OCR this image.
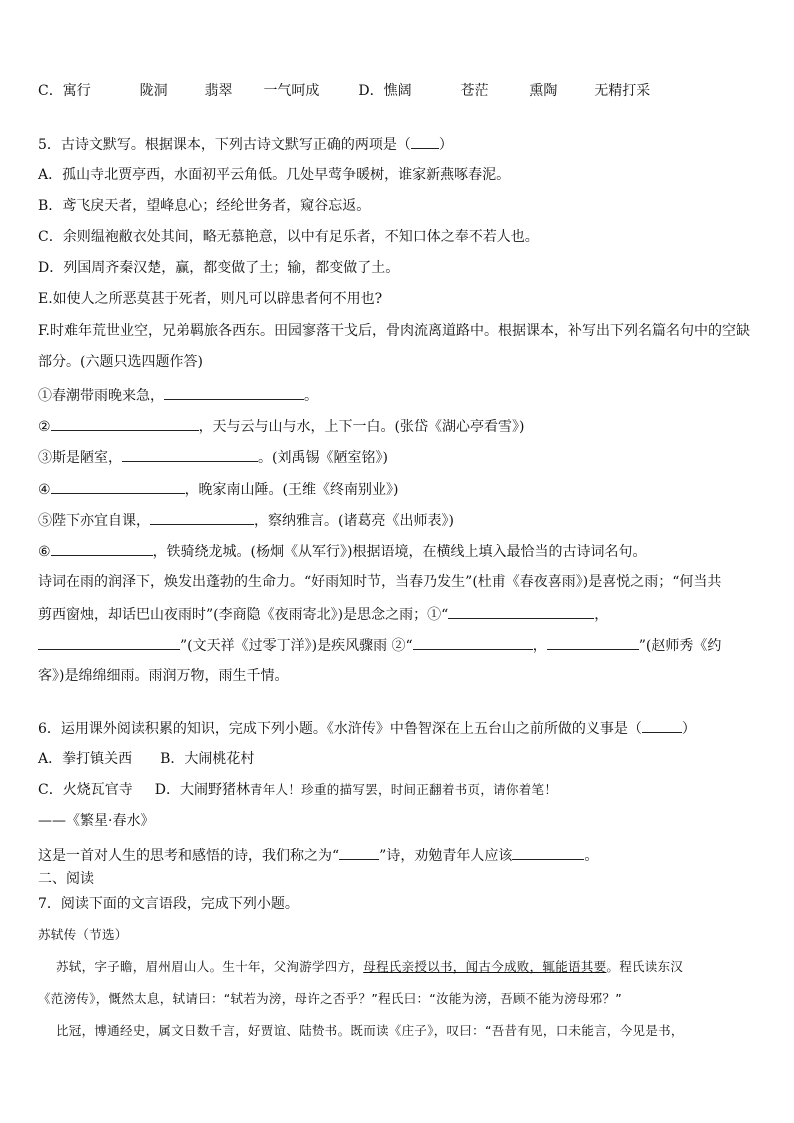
C．寓行	陇洞	翡翠 一气呵成	D．憔阔	苍茫	熏陶	无精打采
5．古诗文默写。根据课本，下列古诗文默写正确的两项是（ ）
A．孤山寺北贾亭西，水面初平云角低。几处早莺争暖树，谁家新燕啄春泥。
B．鸢飞戾天者，望峰息心；经纶世务者，窥谷忘返。
C．余则缊袍敝衣处其间，略无慕艳意，以中有足乐者，不知口体之奉不若人也。
D．列国周齐秦汉楚，赢，都变做了土；输，都变做了土。
E.如使人之所恶莫甚于死者，则凡可以辟患者何不用也?
F.时难年荒世业空，兄弟羁旅各西东。田园寥落干戈后，骨肉流离道路中。根据课本，补写出下列名篇名句中的空缺
部分。(六题只选四题作答)
①春潮带雨晚来急，	。
②	，天与云与山与水，上下一白。(张岱《湖心亭看雪》)
③斯是陋室，	。(刘禹锡《陋室铭》)
④	，晚家南山陲。(王维《终南别业》)
⑤陛下亦宜自课，	，察纳雅言。(诸葛亮《出师表》)
⑥	，铁骑绕龙城。(杨炯《从军行》)根据语境，在横线上填入最恰当的古诗词名句。
诗词在雨的润泽下，焕发出蓬勃的生命力。“好雨知时节，当春乃发生”(杜甫《春夜喜雨》)是喜悦之雨；“何当共
剪西窗烛，却话巴山夜雨时”(李商隐《夜雨寄北》)是思念之雨；①“	，
”(文天祥《过零丁洋》)是疾风骤雨 ②“	，	”(赵师秀《约
客》)是绵绵细雨。雨润万物，雨生千情。
6．运用课外阅读积累的知识，完成下列小题。《水浒传》中鲁智深在上五台山之前所做的义事是（	）
A．拳打镇关西 B．大闹桃花村
C．火烧瓦官寺 D．大闹野猪林青年人！珍重的描写罢，时间正翻着书页，请你着笔！
——《繁星·春水》
这是一首对人生的思考和感悟的诗，我们称之为“	”诗，劝勉青年人应该	。
二、阅读
7．阅读下面的文言语段，完成下列小题。
苏轼传（节选）
苏轼，字子瞻，眉州眉山人。生十年，父洵游学四方，母程氏亲授以书，闻古今成败，辄能语其要。程氏读东汉
《范滂传》，慨然太息，轼请曰：“轼若为滂，母许之否乎？”程氏曰：“汝能为滂，吾顾不能为滂母邪？”
比冠，博通经史，属文日数千言，好贾谊、陆贽书。既而读《庄子》，叹曰：“吾昔有见，口未能言，今见是书，
